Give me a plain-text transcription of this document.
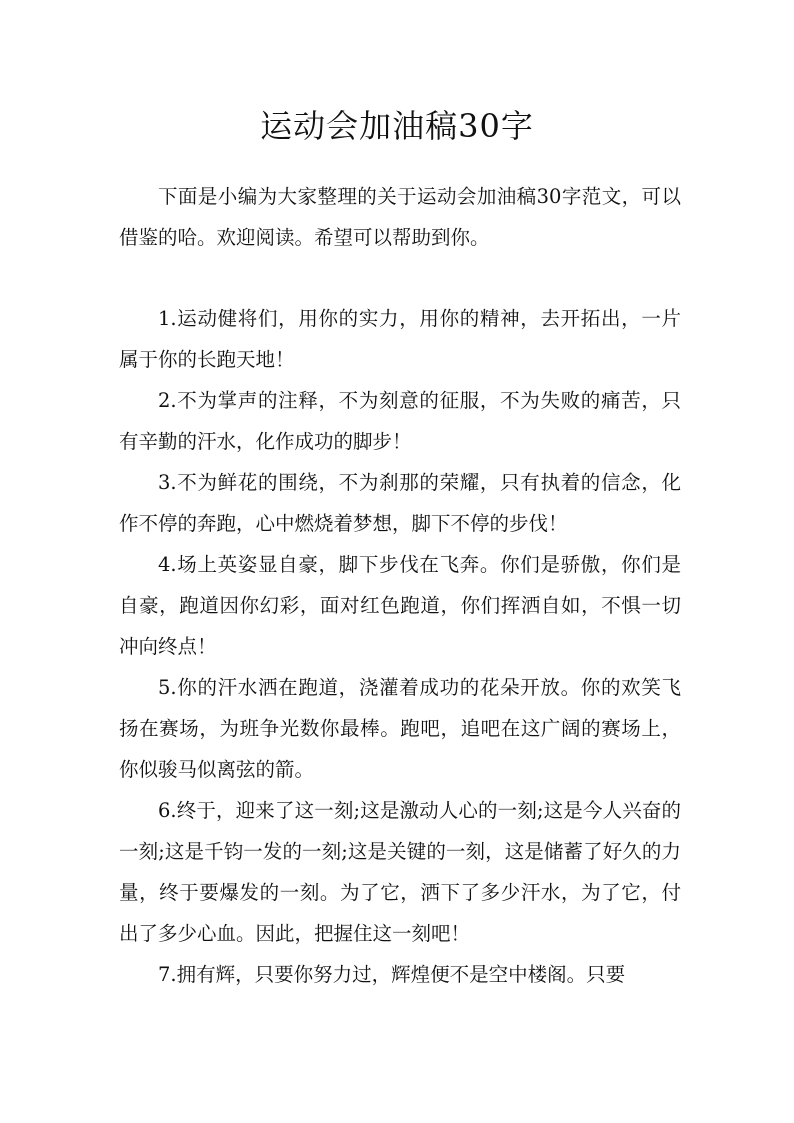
运动会加油稿30字

下面是小编为大家整理的关于运动会加油稿30字范文，可以借鉴的哈。欢迎阅读。希望可以帮助到你。

1.运动健将们，用你的实力，用你的精神，去开拓出，一片属于你的长跑天地！

2.不为掌声的注释，不为刻意的征服，不为失败的痛苦，只有辛勤的汗水，化作成功的脚步！

3.不为鲜花的围绕，不为刹那的荣耀，只有执着的信念，化作不停的奔跑，心中燃烧着梦想，脚下不停的步伐！

4.场上英姿显自豪，脚下步伐在飞奔。你们是骄傲，你们是自豪，跑道因你幻彩，面对红色跑道，你们挥洒自如，不惧一切冲向终点！

5.你的汗水洒在跑道，浇灌着成功的花朵开放。你的欢笑飞扬在赛场，为班争光数你最棒。跑吧，追吧在这广阔的赛场上，你似骏马似离弦的箭。

6.终于，迎来了这一刻;这是激动人心的一刻;这是今人兴奋的一刻;这是千钧一发的一刻;这是关键的一刻，这是储蓄了好久的力量，终于要爆发的一刻。为了它，洒下了多少汗水，为了它，付出了多少心血。因此，把握住这一刻吧！

7.拥有辉，只要你努力过，辉煌便不是空中楼阁。只要
